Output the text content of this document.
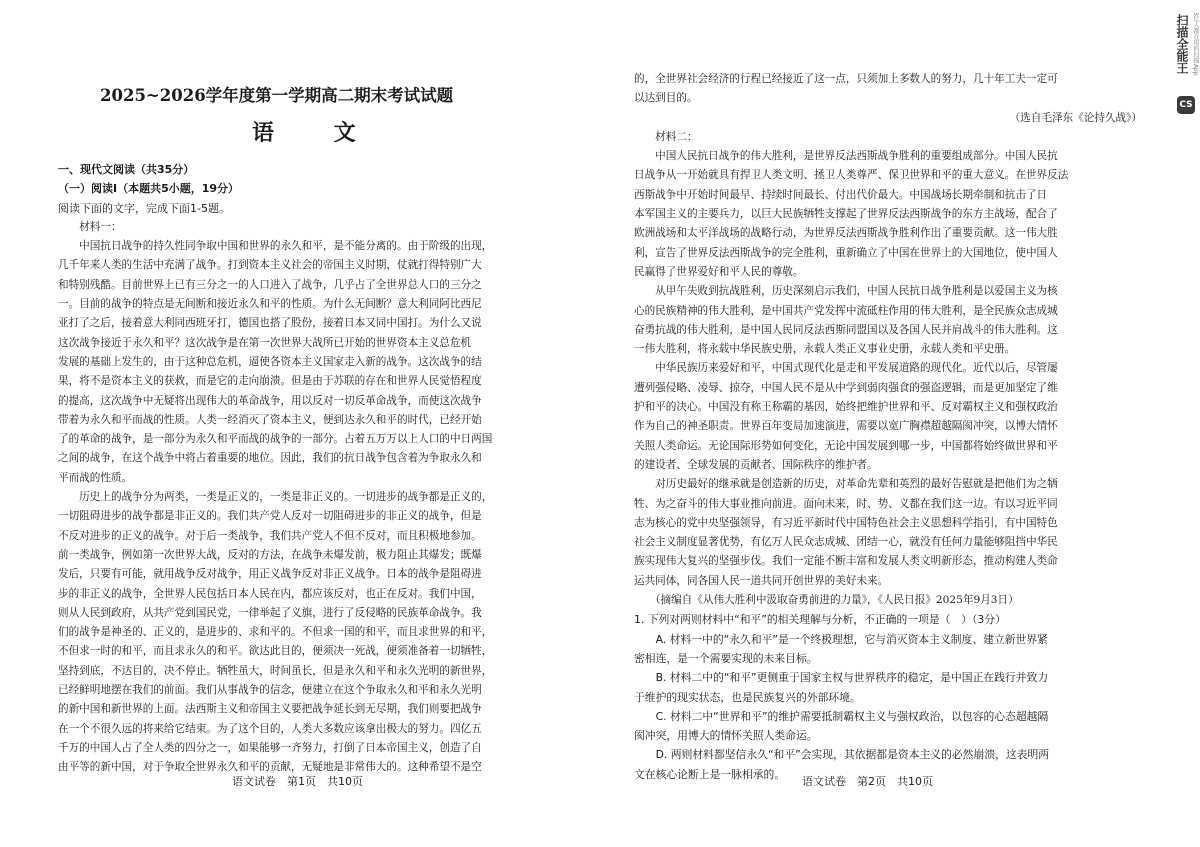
2025~2026学年度第一学期高二期末考试试题
语 文
一、现代文阅读（共35分）
（一）阅读Ⅰ（本题共5小题，19分）
阅读下面的文字，完成下面1-5题。
　　材料一：
　　中国抗日战争的持久性同争取中国和世界的永久和平，是不能分离的。由于阶级的出现，
几千年来人类的生活中充满了战争。打到资本主义社会的帝国主义时期，仗就打得特别广大
和特别残酷。目前世界上已有三分之一的人口进入了战争，几乎占了全世界总人口的三分之
一。目前的战争的特点是无间断和接近永久和平的性质。为什么无间断？意大利同阿比西尼
亚打了之后，接着意大利同西班牙打，德国也搭了股份，接着日本又同中国打。为什么又说
这次战争接近于永久和平？这次战争是在第一次世界大战所已开始的世界资本主义总危机
发展的基础上发生的，由于这种总危机，逼使各资本主义国家走入新的战争。这次战争的结
果，将不是资本主义的获救，而是它的走向崩溃。但是由于苏联的存在和世界人民觉悟程度
的提高，这次战争中无疑将出现伟大的革命战争，用以反对一切反革命战争，而使这次战争
带着为永久和平而战的性质。人类一经消灭了资本主义，便到达永久和平的时代，已经开始
了的革命的战争，是一部分为永久和平而战的战争的一部分。占着五万万以上人口的中日两国
之间的战争，在这个战争中将占着重要的地位。因此，我们的抗日战争包含着为争取永久和
平而战的性质。
　　历史上的战争分为两类，一类是正义的，一类是非正义的。一切进步的战争都是正义的，
一切阻碍进步的战争都是非正义的。我们共产党人反对一切阻碍进步的非正义的战争，但是
不反对进步的正义的战争。对于后一类战争，我们共产党人不但不反对，而且积极地参加。
前一类战争，例如第一次世界大战，反对的方法，在战争未爆发前，极力阻止其爆发；既爆
发后，只要有可能，就用战争反对战争，用正义战争反对非正义战争。日本的战争是阻碍进
步的非正义的战争，全世界人民包括日本人民在内，都应该反对，也正在反对。我们中国，
则从人民到政府，从共产党到国民党，一律举起了义旗，进行了反侵略的民族革命战争。我
们的战争是神圣的、正义的，是进步的、求和平的。不但求一国的和平，而且求世界的和平，
不但求一时的和平，而且求永久的和平。欲达此目的，便须决一死战，便须准备着一切牺牲，
坚持到底，不达目的，决不停止。牺牲虽大，时间虽长，但是永久和平和永久光明的新世界，
已经鲜明地摆在我们的前面。我们从事战争的信念，便建立在这个争取永久和平和永久光明
的新中国和新世界的上面。法西斯主义和帝国主义要把战争延长到无尽期，我们则要把战争
在一个不很久远的将来给它结束。为了这个目的，人类大多数应该拿出极大的努力。四亿五
千万的中国人占了全人类的四分之一，如果能够一齐努力，打倒了日本帝国主义，创造了自
由平等的新中国，对于争取全世界永久和平的贡献，无疑地是非常伟大的。这种希望不是空
语文试卷　第1页　共10页
的，全世界社会经济的行程已经接近了这一点，只须加上多数人的努力，几十年工夫一定可
以达到目的。
（选自毛泽东《论持久战》）
　　材料二：
　　中国人民抗日战争的伟大胜利，是世界反法西斯战争胜利的重要组成部分。中国人民抗
日战争从一开始就具有捍卫人类文明、拯卫人类尊严、保卫世界和平的重大意义。在世界反法
西斯战争中开始时间最早、持续时间最长、付出代价最大。中国战场长期牵制和抗击了日
本军国主义的主要兵力，以巨大民族牺牲支撑起了世界反法西斯战争的东方主战场，配合了
欧洲战场和太平洋战场的战略行动，为世界反法西斯战争胜利作出了重要贡献。这一伟大胜
利，宣告了世界反法西斯战争的完全胜利，重新确立了中国在世界上的大国地位，使中国人
民赢得了世界爱好和平人民的尊敬。
　　从甲午失败到抗战胜利，历史深刻启示我们，中国人民抗日战争胜利是以爱国主义为核
心的民族精神的伟大胜利，是中国共产党发挥中流砥柱作用的伟大胜利，是全民族众志成城
奋勇抗战的伟大胜利，是中国人民同反法西斯同盟国以及各国人民并肩战斗的伟大胜利。这
一伟大胜利，将永载中华民族史册，永载人类正义事业史册，永载人类和平史册。
　　中华民族历来爱好和平，中国式现代化是走和平发展道路的现代化。近代以后，尽管屡
遭列强侵略、凌辱、掠夺，中国人民不是从中学到弱肉强食的强盗逻辑，而是更加坚定了维
护和平的决心。中国没有称王称霸的基因，始终把维护世界和平、反对霸权主义和强权政治
作为自己的神圣职责。世界百年变局加速演进，需要以宽广胸襟超越隔阂冲突，以博大情怀
关照人类命运。无论国际形势如何变化，无论中国发展到哪一步，中国都将始终做世界和平
的建设者、全球发展的贡献者、国际秩序的维护者。
　　对历史最好的继承就是创造新的历史，对革命先辈和英烈的最好告慰就是把他们为之牺
牲、为之奋斗的伟大事业推向前进。面向未来，时、势、义都在我们这一边。有以习近平同
志为核心的党中央坚强领导，有习近平新时代中国特色社会主义思想科学指引，有中国特色
社会主义制度显著优势，有亿万人民众志成城、团结一心，就没有任何力量能够阻挡中华民
族实现伟大复兴的坚强步伐。我们一定能不断丰富和发展人类文明新形态，推动构建人类命
运共同体，同各国人民一道共同开创世界的美好未来。
　　（摘编自《从伟大胜利中汲取奋勇前进的力量》，《人民日报》2025年9月3日）
1. 下列对两则材料中“和平”的相关理解与分析，不正确的一项是（　）（3分）
　　A. 材料一中的“永久和平”是一个终极理想，它与消灭资本主义制度、建立新世界紧
密相连，是一个需要实现的未来目标。
　　B. 材料二中的“和平”更侧重于国家主权与世界秩序的稳定，是中国正在践行并致力
于维护的现实状态，也是民族复兴的外部环境。
　　C. 材料二中“世界和平”的维护需要抵制霸权主义与强权政治，以包容的心态超越隔
阂冲突，用博大的情怀关照人类命运。
　　D. 两则材料都坚信永久“和平”会实现，其依据都是资本主义的必然崩溃，这表明两
文在核心论断上是一脉相承的。
语文试卷　第2页　共10页
扫描全能王 3亿人都在用的扫描App
CS
